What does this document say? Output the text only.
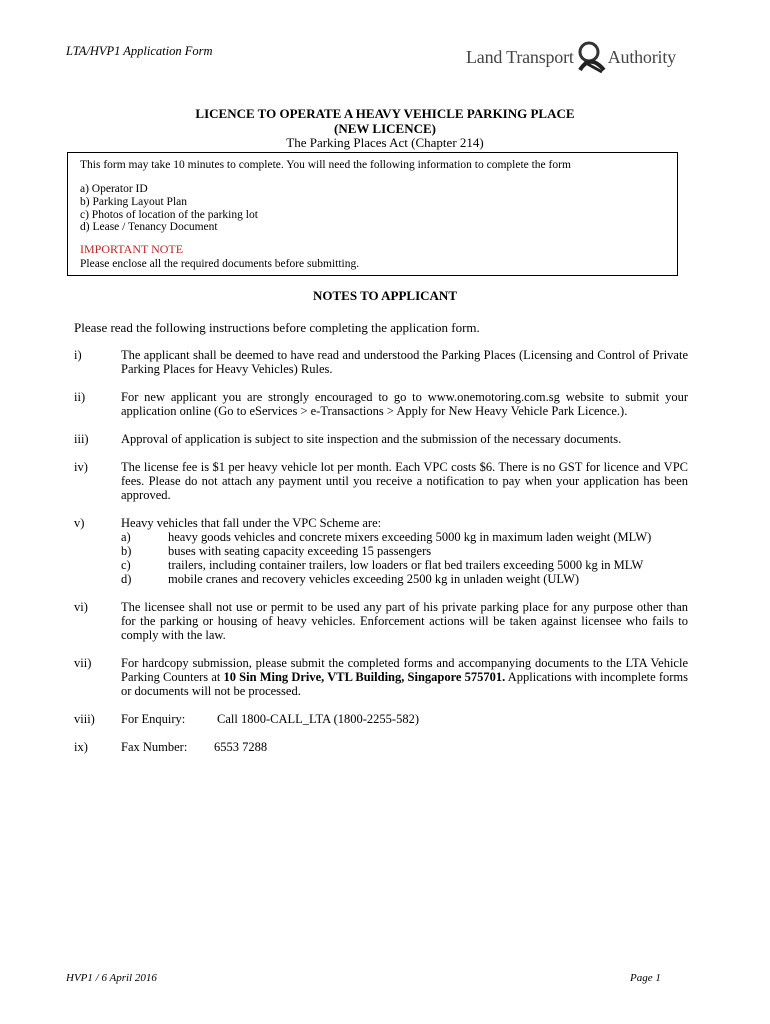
LTA/HVP1 Application Form	Land Transport Authority
LICENCE TO OPERATE A HEAVY VEHICLE PARKING PLACE
(NEW LICENCE)
The Parking Places Act (Chapter 214)
This form may take 10 minutes to complete. You will need the following information to complete the form
a) Operator ID
b) Parking Layout Plan
c) Photos of location of the parking lot
d) Lease / Tenancy Document
IMPORTANT NOTE
Please enclose all the required documents before submitting.
NOTES TO APPLICANT
Please read the following instructions before completing the application form.
i)	The applicant shall be deemed to have read and understood the Parking Places (Licensing and Control of Private Parking Places for Heavy Vehicles) Rules.
ii)	For new applicant you are strongly encouraged to go to www.onemotoring.com.sg website to submit your application online (Go to eServices > e-Transactions > Apply for New Heavy Vehicle Park Licence.).
iii)	Approval of application is subject to site inspection and the submission of the necessary documents.
iv)	The license fee is $1 per heavy vehicle lot per month. Each VPC costs $6. There is no GST for licence and VPC fees. Please do not attach any payment until you receive a notification to pay when your application has been approved.
v)	Heavy vehicles that fall under the VPC Scheme are:
a)	heavy goods vehicles and concrete mixers exceeding 5000 kg in maximum laden weight (MLW)
b)	buses with seating capacity exceeding 15 passengers
c)	trailers, including container trailers, low loaders or flat bed trailers exceeding 5000 kg in MLW
d)	mobile cranes and recovery vehicles exceeding 2500 kg in unladen weight (ULW)
vi)	The licensee shall not use or permit to be used any part of his private parking place for any purpose other than for the parking or housing of heavy vehicles. Enforcement actions will be taken against licensee who fails to comply with the law.
vii)	For hardcopy submission, please submit the completed forms and accompanying documents to the LTA Vehicle Parking Counters at 10 Sin Ming Drive, VTL Building, Singapore 575701. Applications with incomplete forms or documents will not be processed.
viii)	For Enquiry:	Call 1800-CALL_LTA (1800-2255-582)
ix)	Fax Number: 6553 7288
HVP1 / 6 April 2016	Page 1
